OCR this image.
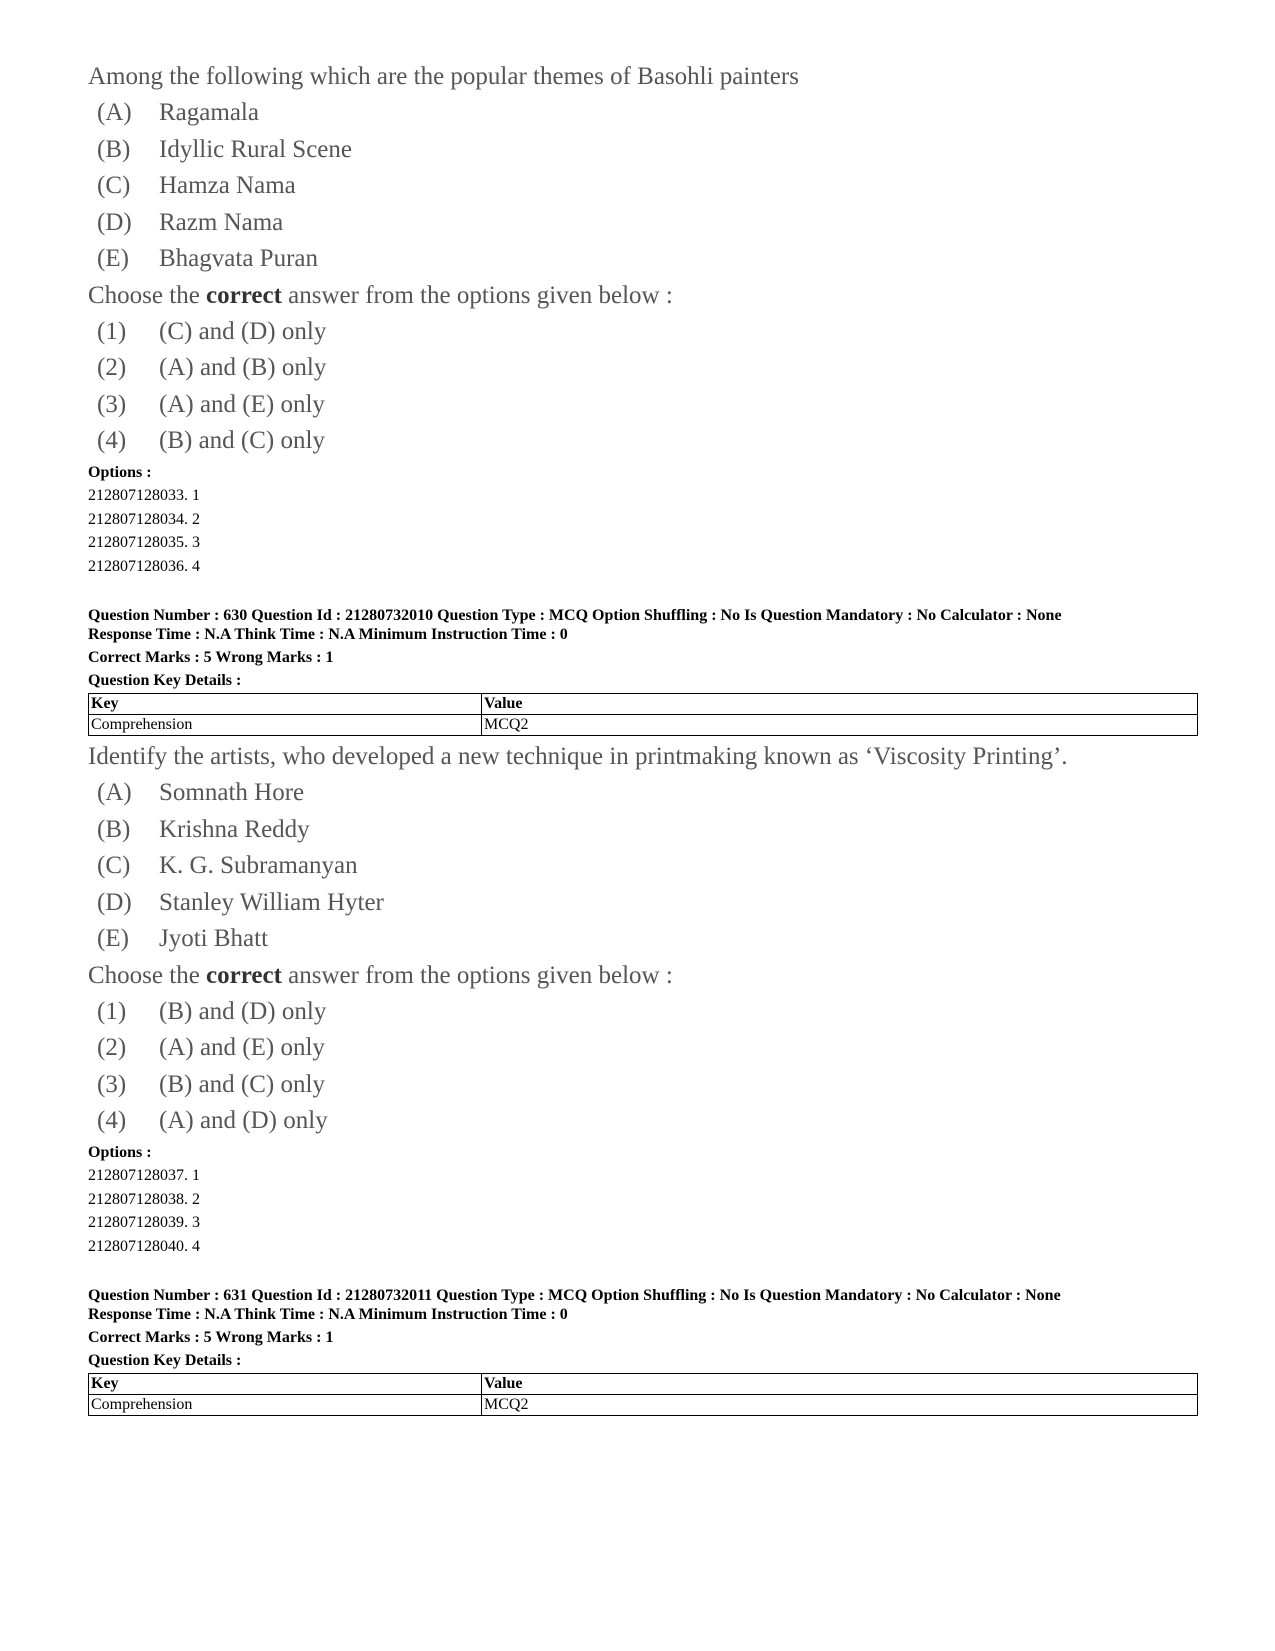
Among the following which are the popular themes of Basohli painters
(A)	Ragamala
(B)	Idyllic Rural Scene
(C)	Hamza Nama
(D)	Razm Nama
(E)	Bhagvata Puran
Choose the correct answer from the options given below :
(1)	(C) and (D) only
(2)	(A) and (B) only
(3)	(A) and (E) only
(4)	(B) and (C) only
Options :
212807128033. 1
212807128034. 2
212807128035. 3
212807128036. 4
Question Number : 630 Question Id : 21280732010 Question Type : MCQ Option Shuffling : No Is Question Mandatory : No Calculator : None
Response Time : N.A Think Time : N.A Minimum Instruction Time : 0
Correct Marks : 5 Wrong Marks : 1
Question Key Details :
Key	Value
Comprehension	MCQ2
Identify the artists, who developed a new technique in printmaking known as ‘Viscosity Printing’.
(A)	Somnath Hore
(B)	Krishna Reddy
(C)	K. G. Subramanyan
(D)	Stanley William Hyter
(E)	Jyoti Bhatt
Choose the correct answer from the options given below :
(1)	(B) and (D) only
(2)	(A) and (E) only
(3)	(B) and (C) only
(4)	(A) and (D) only
Options :
212807128037. 1
212807128038. 2
212807128039. 3
212807128040. 4
Question Number : 631 Question Id : 21280732011 Question Type : MCQ Option Shuffling : No Is Question Mandatory : No Calculator : None
Response Time : N.A Think Time : N.A Minimum Instruction Time : 0
Correct Marks : 5 Wrong Marks : 1
Question Key Details :
Key	Value
Comprehension	MCQ2
